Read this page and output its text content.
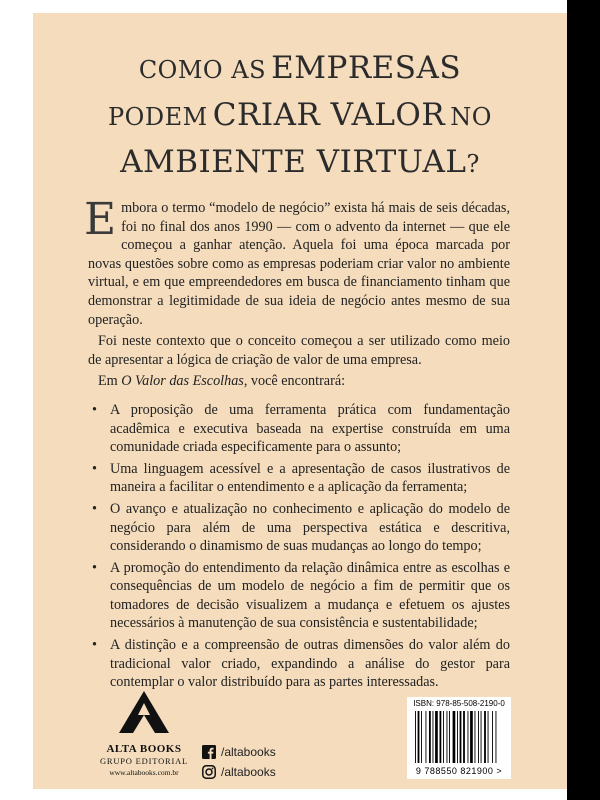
COMO AS EMPRESAS
PODEM CRIAR VALOR NO
AMBIENTE VIRTUAL?

Embora o termo “modelo de negócio” exista há mais de seis décadas, foi no final dos anos 1990 — com o advento da internet — que ele começou a ganhar atenção. Aquela foi uma época marcada por novas questões sobre como as empresas poderiam criar valor no ambiente virtual, e em que empreendedores em busca de financiamento tinham que demonstrar a legitimidade de sua ideia de negócio antes mesmo de sua operação.

Foi neste contexto que o conceito começou a ser utilizado como meio de apresentar a lógica de criação de valor de uma empresa.

Em O Valor das Escolhas, você encontrará:

• A proposição de uma ferramenta prática com fundamentação acadêmica e executiva baseada na expertise construída em uma comunidade criada especificamente para o assunto;
• Uma linguagem acessível e a apresentação de casos ilustrativos de maneira a facilitar o entendimento e a aplicação da ferramenta;
• O avanço e atualização no conhecimento e aplicação do modelo de negócio para além de uma perspectiva estática e descritiva, considerando o dinamismo de suas mudanças ao longo do tempo;
• A promoção do entendimento da relação dinâmica entre as escolhas e consequências de um modelo de negócio a fim de permitir que os tomadores de decisão visualizem a mudança e efetuem os ajustes necessários à manutenção de sua consistência e sustentabilidade;
• A distinção e a compreensão de outras dimensões do valor além do tradicional valor criado, expandindo a análise do gestor para contemplar o valor distribuído para as partes interessadas.
ALTA BOOKS
GRUPO EDITORIAL
www.altabooks.com.br
/altabooks
/altabooks
ISBN: 978-85-508-2190-0
9 788550 821900 >
